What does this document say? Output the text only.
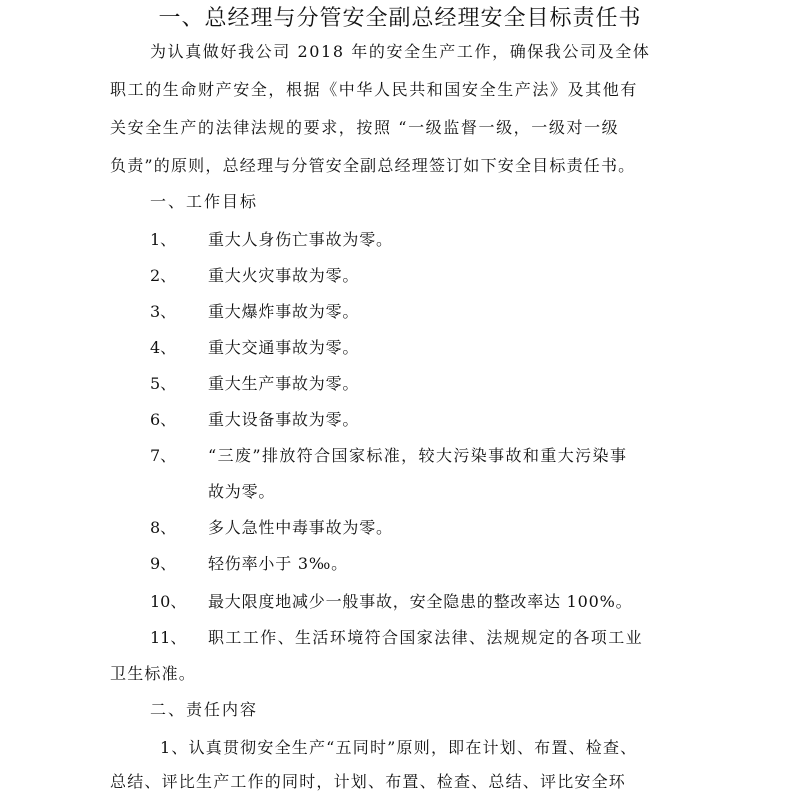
一、总经理与分管安全副总经理安全目标责任书
为认真做好我公司 2018 年的安全生产工作，确保我公司及全体
职工的生命财产安全，根据《中华人民共和国安全生产法》及其他有
关安全生产的法律法规的要求，按照 “一级监督一级，一级对一级
负责”的原则，总经理与分管安全副总经理签订如下安全目标责任书。
一、工作目标
1、 重大人身伤亡事故为零。
2、 重大火灾事故为零。
3、 重大爆炸事故为零。
4、 重大交通事故为零。
5、 重大生产事故为零。
6、 重大设备事故为零。
7、 “三废”排放符合国家标准，较大污染事故和重大污染事
故为零。
8、 多人急性中毒事故为零。
9、 轻伤率小于 3‰。
10、 最大限度地减少一般事故，安全隐患的整改率达 100%。
11、 职工工作、生活环境符合国家法律、法规规定的各项工业
卫生标准。
二、责任内容
1、认真贯彻安全生产“五同时”原则，即在计划、布置、检查、
总结、评比生产工作的同时，计划、布置、检查、总结、评比安全环
